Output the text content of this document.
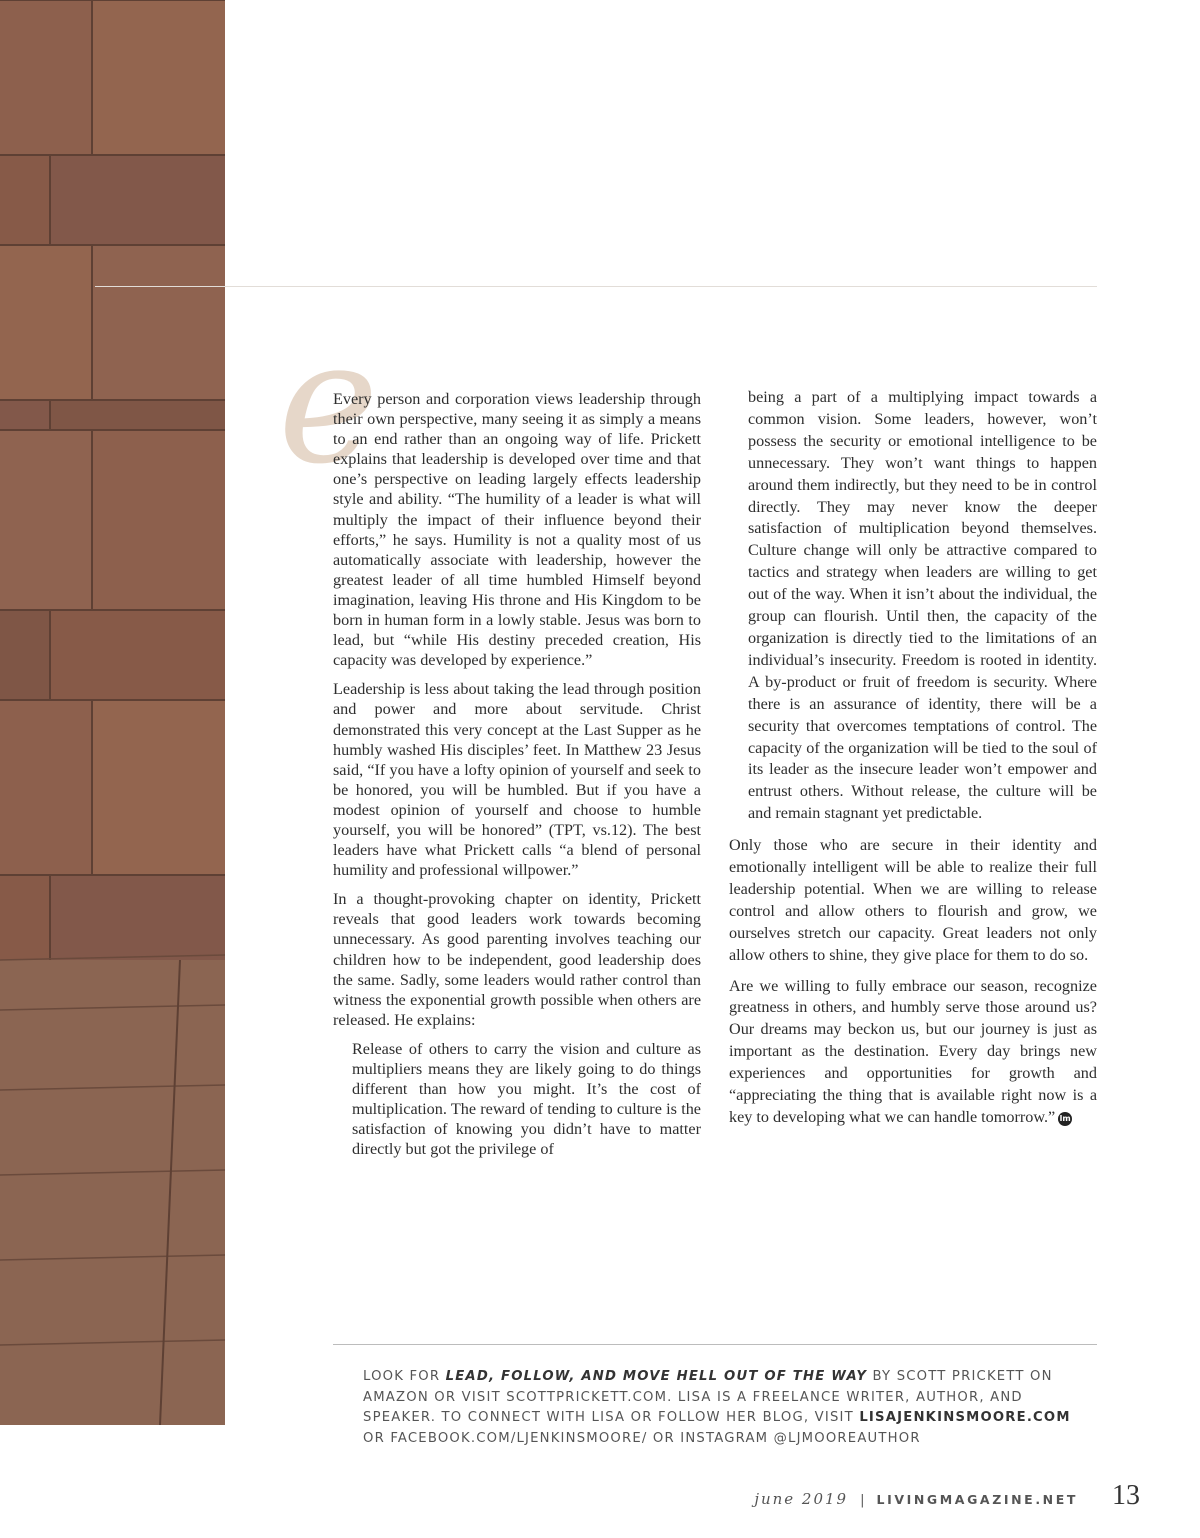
e

Every person and corporation views leadership through their own perspective, many seeing it as simply a means to an end rather than an ongoing way of life. Prickett explains that leadership is developed over time and that one’s perspective on leading largely effects leadership style and ability. “The humility of a leader is what will multiply the impact of their influence beyond their efforts,” he says. Humility is not a quality most of us automatically associate with leadership, however the greatest leader of all time humbled Himself beyond imagination, leaving His throne and His Kingdom to be born in human form in a lowly stable. Jesus was born to lead, but “while His destiny preceded creation, His capacity was developed by experience.”

Leadership is less about taking the lead through position and power and more about servitude. Christ demonstrated this very concept at the Last Supper as he humbly washed His disciples’ feet. In Matthew 23 Jesus said, “If you have a lofty opinion of yourself and seek to be honored, you will be humbled. But if you have a modest opinion of yourself and choose to humble yourself, you will be honored” (TPT, vs.12). The best leaders have what Prickett calls “a blend of personal humility and professional willpower.”

In a thought-provoking chapter on identity, Prickett reveals that good leaders work towards becoming unnecessary. As good parenting involves teaching our children how to be independent, good leadership does the same. Sadly, some leaders would rather control than witness the exponential growth possible when others are released. He explains:

Release of others to carry the vision and culture as multipliers means they are likely going to do things different than how you might. It’s the cost of multiplication. The reward of tending to culture is the satisfaction of knowing you didn’t have to matter directly but got the privilege of

being a part of a multiplying impact towards a common vision. Some leaders, however, won’t possess the security or emotional intelligence to be unnecessary. They won’t want things to happen around them indirectly, but they need to be in control directly. They may never know the deeper satisfaction of multiplication beyond themselves. Culture change will only be attractive compared to tactics and strategy when leaders are willing to get out of the way. When it isn’t about the individual, the group can flourish. Until then, the capacity of the organization is directly tied to the limitations of an individual’s insecurity. Freedom is rooted in identity. A by-product or fruit of freedom is security. Where there is an assurance of identity, there will be a security that overcomes temptations of control. The capacity of the organization will be tied to the soul of its leader as the insecure leader won’t empower and entrust others. Without release, the culture will be and remain stagnant yet predictable.

Only those who are secure in their identity and emotionally intelligent will be able to realize their full leadership potential. When we are willing to release control and allow others to flourish and grow, we ourselves stretch our capacity. Great leaders not only allow others to shine, they give place for them to do so.

Are we willing to fully embrace our season, recognize greatness in others, and humbly serve those around us? Our dreams may beckon us, but our journey is just as important as the destination. Every day brings new experiences and opportunities for growth and “appreciating the thing that is available right now is a key to developing what we can handle tomorrow.” lm

LOOK FOR LEAD, FOLLOW, AND MOVE HELL OUT OF THE WAY BY SCOTT PRICKETT ON AMAZON OR VISIT SCOTTPRICKETT.COM. LISA IS A FREELANCE WRITER, AUTHOR, AND SPEAKER. TO CONNECT WITH LISA OR FOLLOW HER BLOG, VISIT LISAJENKINSMOORE.COM OR FACEBOOK.COM/LJENKINSMOORE/ OR INSTAGRAM @LJMOOREAUTHOR
june 2019 | LIVINGMAGAZINE.NET 13
